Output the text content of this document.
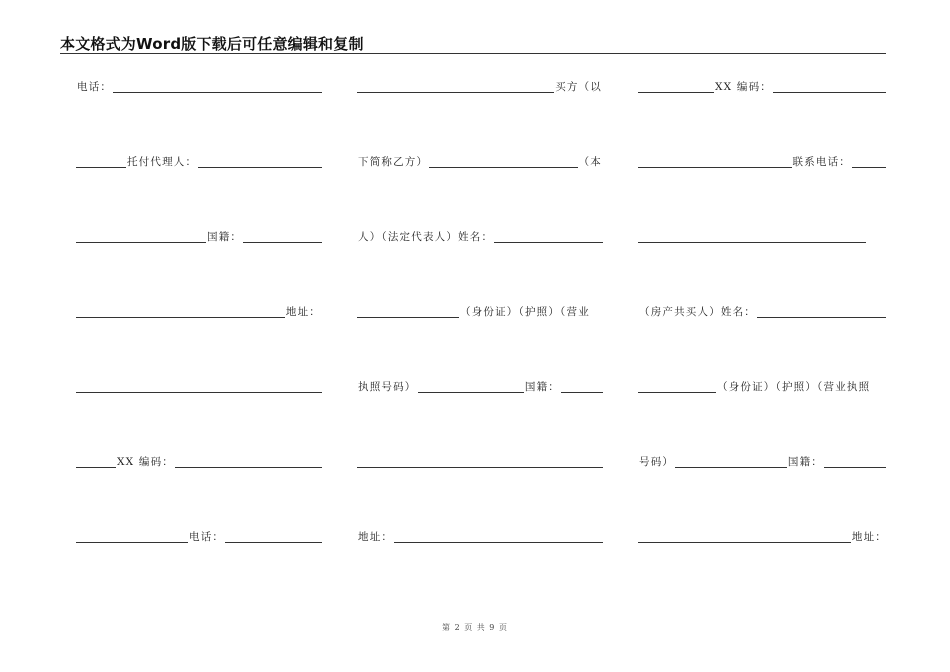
本文格式为Word版下载后可任意编辑和复制
电话：
托付代理人：
国籍：
地址：
XX 编码：
电话：
买方（以
下简称乙方）	（本
人）（法定代表人）姓名：
（身份证）（护照）（营业
执照号码）	国籍：
地址：
XX 编码：
联系电话：
（房产共买人）姓名：
（身份证）（护照）（营业执照
号码）	国籍：
地址：
第 2 页 共 9 页
